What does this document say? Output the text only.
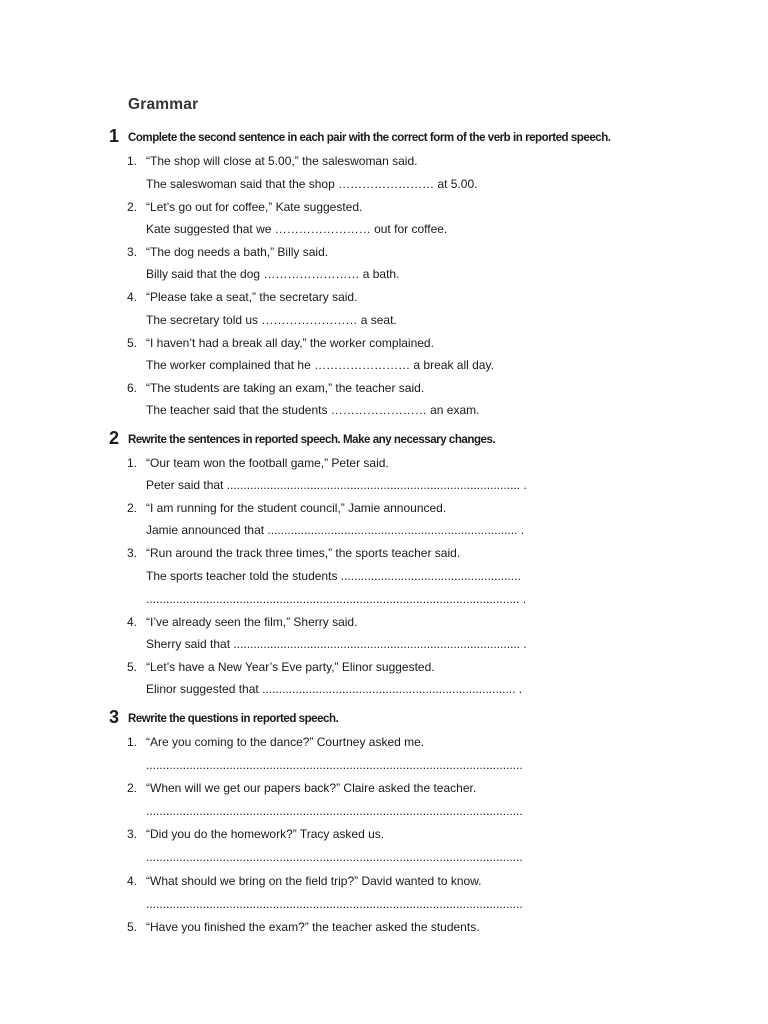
Grammar
1 Complete the second sentence in each pair with the correct form of the verb in reported speech.
1. “The shop will close at 5.00,” the saleswoman said.
The saleswoman said that the shop …………………… at 5.00.
2. “Let’s go out for coffee,” Kate suggested.
Kate suggested that we …………………… out for coffee.
3. “The dog needs a bath,” Billy said.
Billy said that the dog …………………… a bath.
4. “Please take a seat,” the secretary said.
The secretary told us …………………… a seat.
5. “I haven’t had a break all day,” the worker complained.
The worker complained that he …………………… a break all day.
6. “The students are taking an exam,” the teacher said.
The teacher said that the students …………………… an exam.
2 Rewrite the sentences in reported speech. Make any necessary changes.
1. “Our team won the football game,” Peter said.
Peter said that ........................................................................................ .
2. “I am running for the student council,” Jamie announced.
Jamie announced that ........................................................................... .
3. “Run around the track three times,” the sports teacher said.
The sports teacher told the students ......................................................
................................................................................................................ .
4. “I’ve already seen the film,” Sherry said.
Sherry said that ...................................................................................... .
5. “Let’s have a New Year’s Eve party,” Elinor suggested.
Elinor suggested that ............................................................................ .
3 Rewrite the questions in reported speech.
1. “Are you coming to the dance?” Courtney asked me.
.................................................................................................................
2. “When will we get our papers back?” Claire asked the teacher.
.................................................................................................................
3. “Did you do the homework?” Tracy asked us.
.................................................................................................................
4. “What should we bring on the field trip?” David wanted to know.
.................................................................................................................
5. “Have you finished the exam?” the teacher asked the students.
